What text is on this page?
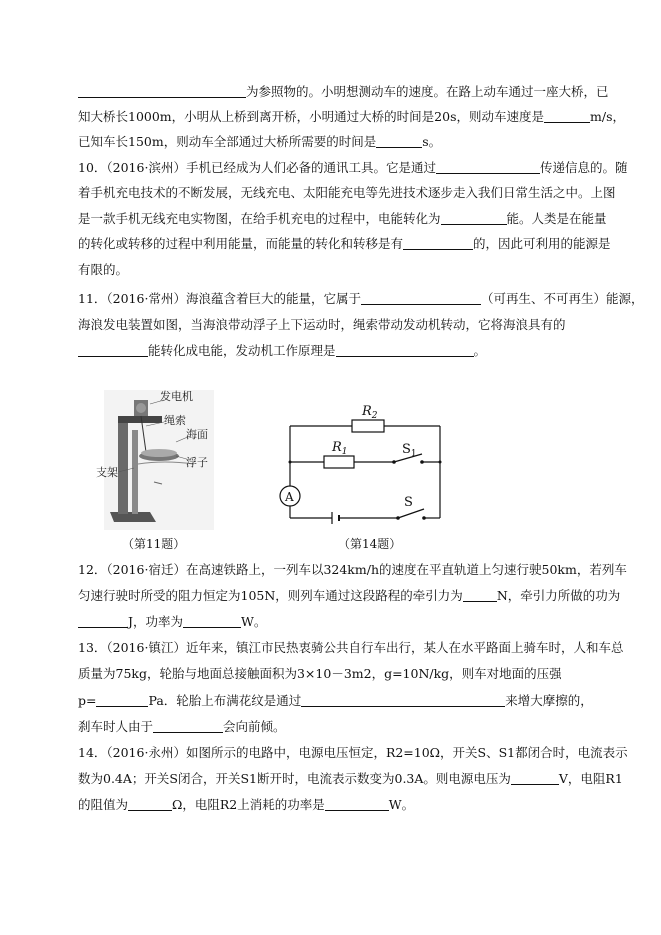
为参照物的。小明想测动车的速度。在路上动车通过一座大桥，已
知大桥长1000m，小明从上桥到离开桥，小明通过大桥的时间是20s，则动车速度是	m/s，
已知车长150m，则动车全部通过大桥所需要的时间是	s。
10．（2016·滨州）手机已经成为人们必备的通讯工具。它是通过	传递信息的。随
着手机充电技术的不断发展，无线充电、太阳能充电等先进技术逐步走入我们日常生活之中。上图
是一款手机无线充电实物图，在给手机充电的过程中，电能转化为	能。人类是在能量
的转化或转移的过程中利用能量，而能量的转化和转移是有	的，因此可利用的能源是
有限的。
11．（2016·常州）海浪蕴含着巨大的能量，它属于	（可再生、不可再生）能源，
海浪发电装置如图，当海浪带动浮子上下运动时，绳索带动发动机转动，它将海浪具有的
能转化成电能，发动机工作原理是	。
12．（2016·宿迁）在高速铁路上，一列车以324km/h的速度在平直轨道上匀速行驶50km，若列车
匀速行驶时所受的阻力恒定为105N，则列车通过这段路程的牵引力为	N，牵引力所做的功为
J，功率为	W。
13．（2016·镇江）近年来，镇江市民热衷骑公共自行车出行，某人在水平路面上骑车时，人和车总
质量为75kg，轮胎与地面总接触面积为3×10－3m2，g=10N/kg，则车对地面的压强
p=	Pa．轮胎上布满花纹是通过	来增大摩擦的，
刹车时人由于	会向前倾。
14．（2016·永州）如图所示的电路中，电源电压恒定，R2=10Ω，开关S、S1都闭合时，电流表示
数为0.4A；开关S闭合，开关S1断开时，电流表示数变为0.3A。则电源电压为	V，电阻R1
的阻值为	Ω，电阻R2上消耗的功率是	W。
发电机
绳索
海面
浮子
支架
（第11题）
$R_2$
$R_1$	$S_1$
S
A
（第14题）
